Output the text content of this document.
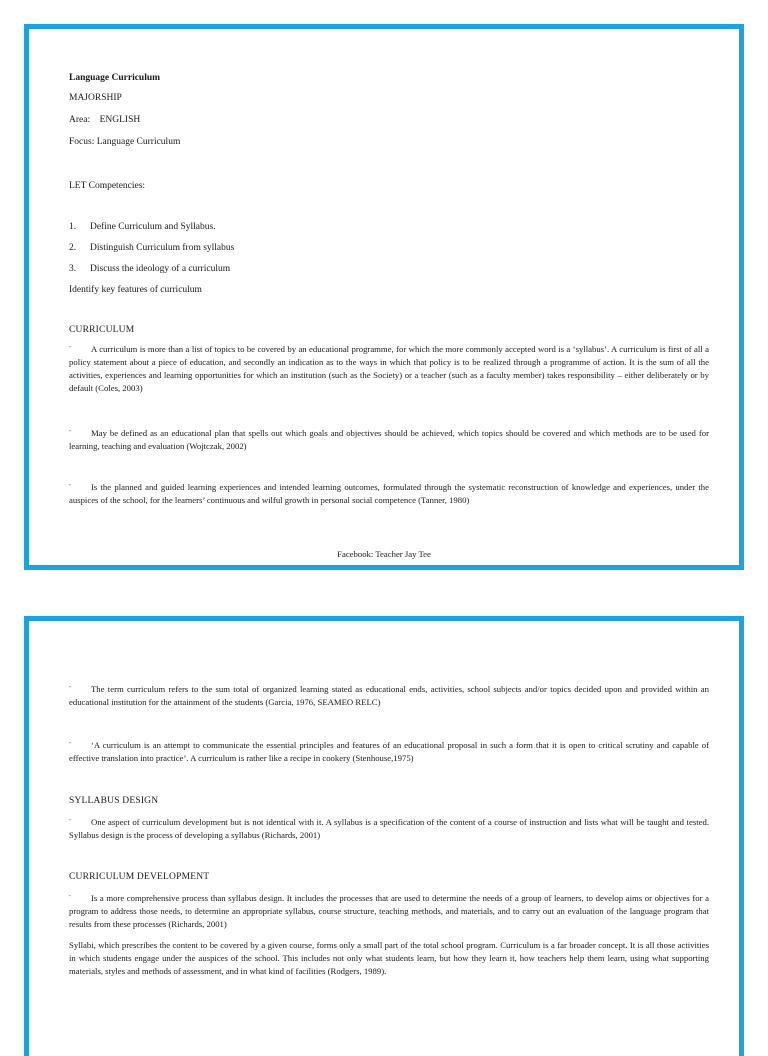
Language Curriculum
MAJORSHIP
Area:    ENGLISH
Focus: Language Curriculum
LET Competencies:
1. Define Curriculum and Syllabus.
2. Distinguish Curriculum from syllabus
3. Discuss the ideology of a curriculum
Identify key features of curriculum
CURRICULUM
¨ A curriculum is more than a list of topics to be covered by an educational programme, for which the more commonly accepted word is a ‘syllabus’. A curriculum is first of all a policy statement about a piece of education, and secondly an indication as to the ways in which that policy is to be realized through a programme of action. It is the sum of all the activities, experiences and learning opportunities for which an institution (such as the Society) or a teacher (such as a faculty member) takes responsibility – either deliberately or by default (Coles, 2003)
¨ May be defined as an educational plan that spells out which goals and objectives should be achieved, which topics should be covered and which methods are to be used for learning, teaching and evaluation (Wojtczak, 2002)
¨ Is the planned and guided learning experiences and intended learning outcomes, formulated through the systematic reconstruction of knowledge and experiences, under the auspices of the school, for the learners’ continuous and wilful growth in personal social competence (Tanner, 1980)
Facebook: Teacher Jay Tee
¨ The term curriculum refers to the sum total of organized learning stated as educational ends, activities, school subjects and/or topics decided upon and provided within an educational institution for the attainment of the students (Garcia, 1976, SEAMEO RELC)
¨ ‘A curriculum is an attempt to communicate the essential principles and features of an educational proposal in such a form that it is open to critical scrutiny and capable of effective translation into practice’. A curriculum is rather like a recipe in cookery (Stenhouse,1975)
SYLLABUS DESIGN
¨ One aspect of curriculum development but is not identical with it. A syllabus is a specification of the content of a course of instruction and lists what will be taught and tested. Syllabus design is the process of developing a syllabus (Richards, 2001)
CURRICULUM DEVELOPMENT
¨ Is a more comprehensive process than syllabus design. It includes the processes that are used to determine the needs of a group of learners, to develop aims or objectives for a program to address those needs, to determine an appropriate syllabus, course structure, teaching methods, and materials, and to carry out an evaluation of the language program that results from these processes (Richards, 2001)
Syllabi, which prescribes the content to be covered by a given course, forms only a small part of the total school program. Curriculum is a far broader concept. It is all those activities in which students engage under the auspices of the school. This includes not only what students learn, but how they learn it, how teachers help them learn, using what supporting materials, styles and methods of assessment, and in what kind of facilities (Rodgers, 1989).
